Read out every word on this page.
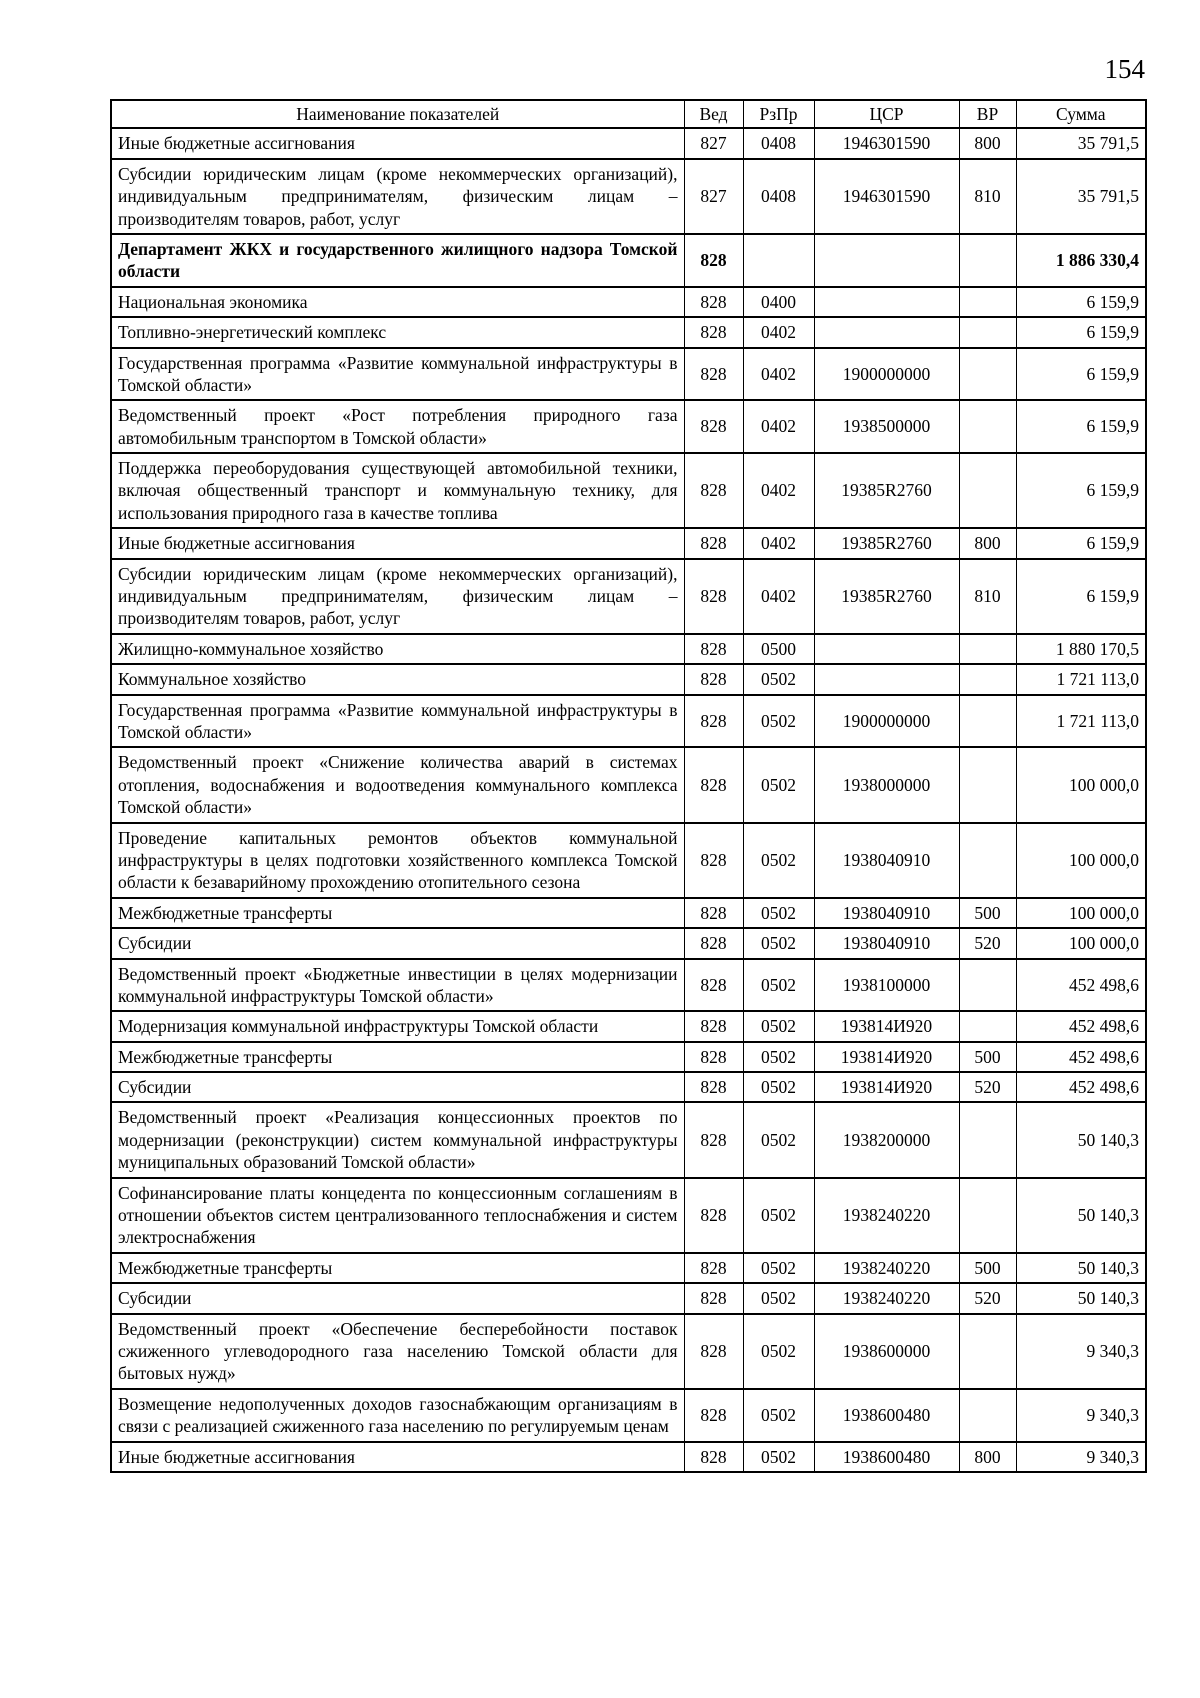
154
Наименование показателей	Вед	РзПр	ЦСР	ВР	Сумма
Иные бюджетные ассигнования	827	0408	1946301590	800	35 791,5
Субсидии юридическим лицам (кроме некоммерческих организаций), индивидуальным предпринимателям, физическим лицам – производителям товаров, работ, услуг	827	0408	1946301590	810	35 791,5
Департамент ЖКХ и государственного жилищного надзора Томской области	828				1 886 330,4
Национальная экономика	828	0400			6 159,9
Топливно-энергетический комплекс	828	0402			6 159,9
Государственная программа «Развитие коммунальной инфраструктуры в Томской области»	828	0402	1900000000		6 159,9
Ведомственный проект «Рост потребления природного газа автомобильным транспортом в Томской области»	828	0402	1938500000		6 159,9
Поддержка переоборудования существующей автомобильной техники, включая общественный транспорт и коммунальную технику, для использования природного газа в качестве топлива	828	0402	19385R2760		6 159,9
Иные бюджетные ассигнования	828	0402	19385R2760	800	6 159,9
Субсидии юридическим лицам (кроме некоммерческих организаций), индивидуальным предпринимателям, физическим лицам – производителям товаров, работ, услуг	828	0402	19385R2760	810	6 159,9
Жилищно-коммунальное хозяйство	828	0500			1 880 170,5
Коммунальное хозяйство	828	0502			1 721 113,0
Государственная программа «Развитие коммунальной инфраструктуры в Томской области»	828	0502	1900000000		1 721 113,0
Ведомственный проект «Снижение количества аварий в системах отопления, водоснабжения и водоотведения коммунального комплекса Томской области»	828	0502	1938000000		100 000,0
Проведение капитальных ремонтов объектов коммунальной инфраструктуры в целях подготовки хозяйственного комплекса Томской области к безаварийному прохождению отопительного сезона	828	0502	1938040910		100 000,0
Межбюджетные трансферты	828	0502	1938040910	500	100 000,0
Субсидии	828	0502	1938040910	520	100 000,0
Ведомственный проект «Бюджетные инвестиции в целях модернизации коммунальной инфраструктуры Томской области»	828	0502	1938100000		452 498,6
Модернизация коммунальной инфраструктуры Томской области	828	0502	193814И920		452 498,6
Межбюджетные трансферты	828	0502	193814И920	500	452 498,6
Субсидии	828	0502	193814И920	520	452 498,6
Ведомственный проект «Реализация концессионных проектов по модернизации (реконструкции) систем коммунальной инфраструктуры муниципальных образований Томской области»	828	0502	1938200000		50 140,3
Софинансирование платы концедента по концессионным соглашениям в отношении объектов систем централизованного теплоснабжения и систем электроснабжения	828	0502	1938240220		50 140,3
Межбюджетные трансферты	828	0502	1938240220	500	50 140,3
Субсидии	828	0502	1938240220	520	50 140,3
Ведомственный проект «Обеспечение бесперебойности поставок сжиженного углеводородного газа населению Томской области для бытовых нужд»	828	0502	1938600000		9 340,3
Возмещение недополученных доходов газоснабжающим организациям в связи с реализацией сжиженного газа населению по регулируемым ценам	828	0502	1938600480		9 340,3
Иные бюджетные ассигнования	828	0502	1938600480	800	9 340,3
